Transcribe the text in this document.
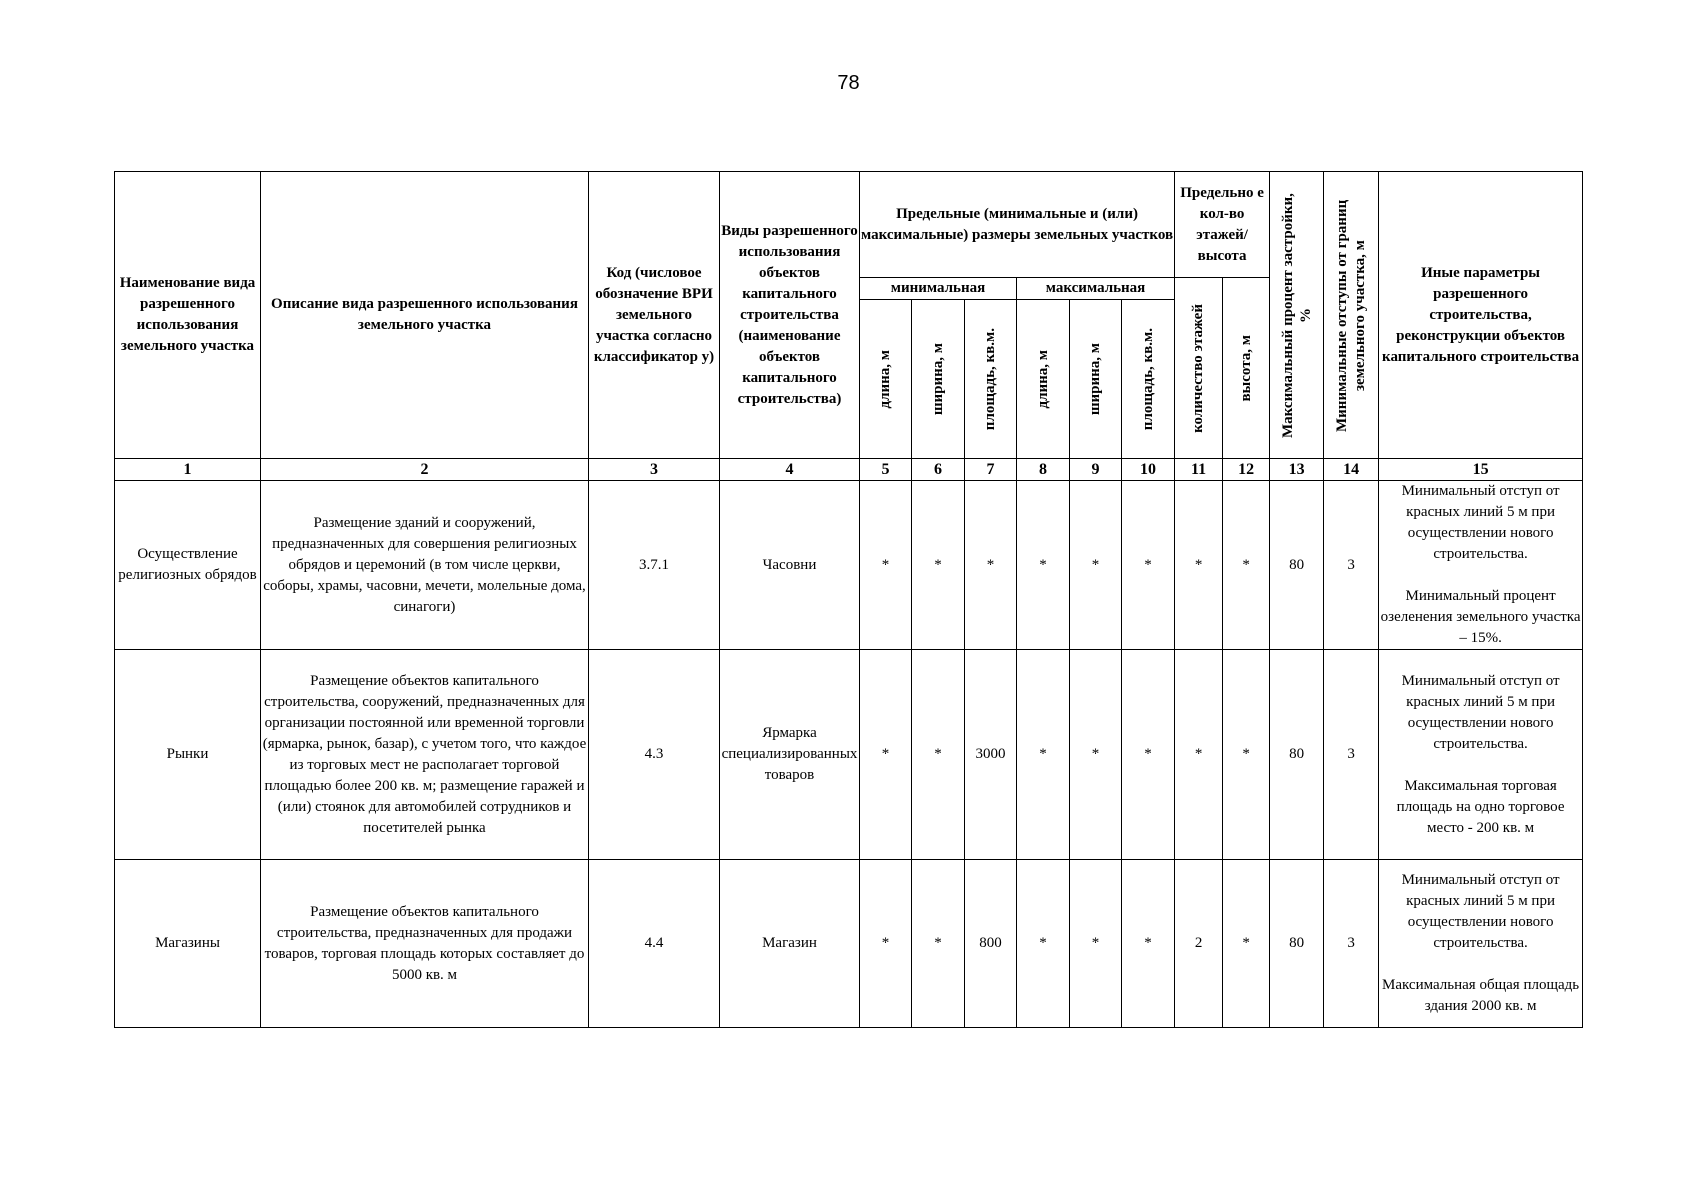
78
Наименование вида разрешенного использования земельного участка	Описание вида разрешенного использования земельного участка	Код (числовое обозначение ВРИ земельного участка согласно классификатор у)	Виды разрешенного использования объектов капитального строительства (наименование объектов капитального строительства)	Предельные (минимальные и (или) максимальные) размеры земельных участков						Предельно е кол-во этажей/ высота		Максимальный процент застройки, %	Минимальные отступы от границ земельного участка, м	Иные параметры разрешенного строительства, реконструкции объектов капитального строительства
				минимальная			максимальная			количество этажей	высота, м			

				длина, м	ширина, м	площадь, кв.м.	длина, м	ширина, м	площадь, кв.м.					

1	2	3	4	5	6	7	8	9	10	11	12	13	14	15
Осуществление религиозных обрядов	Размещение зданий и сооружений, предназначенных для совершения религиозных обрядов и церемоний (в том числе церкви, соборы, храмы, часовни, мечети, молельные дома, синагоги)	3.7.1	Часовни	*	*	*	*	*	*	*	*	80	3	Минимальный отступ от красных линий 5 м при осуществлении нового строительства.
Минимальный процент озеленения земельного участка – 15%.

Рынки	Размещение объектов капитального строительства, сооружений, предназначенных для организации постоянной или временной торговли (ярмарка, рынок, базар), с учетом того, что каждое из торговых мест не располагает торговой площадью более 200 кв. м; размещение гаражей и (или) стоянок для автомобилей сотрудников и посетителей рынка	4.3	Ярмарка специализированных товаров	*	*	3000	*	*	*	*	*	80	3	Минимальный отступ от красных линий 5 м при осуществлении нового строительства.
Максимальная торговая площадь на одно торговое место - 200 кв. м

Магазины	Размещение объектов капитального строительства, предназначенных для продажи товаров, торговая площадь которых составляет до 5000 кв. м	4.4	Магазин	*	*	800	*	*	*	2	*	80	3	Минимальный отступ от красных линий 5 м при осуществлении нового строительства.
Максимальная общая площадь здания 2000 кв. м
